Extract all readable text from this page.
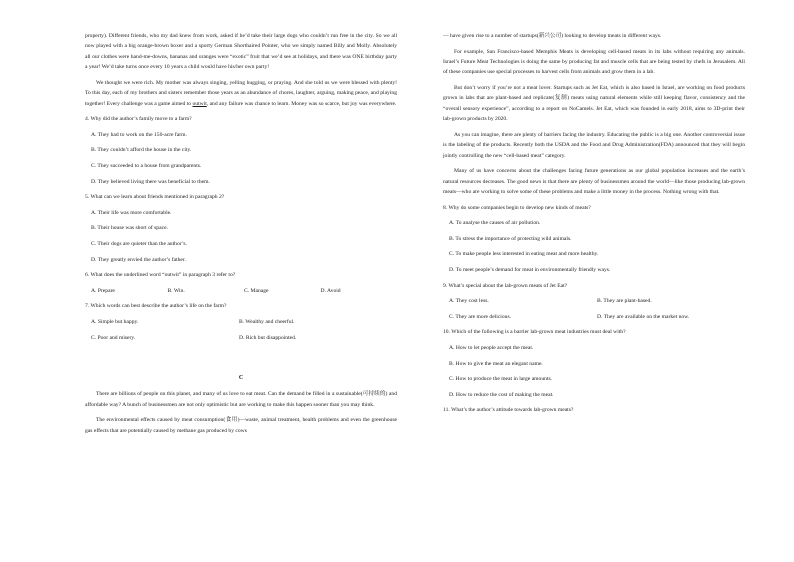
property). Different friends, who my dad knew from work, asked if he’d take their large dogs who couldn’t run free in the city. So we all now played with a big orange-brown boxer and a sporty German Shorthaired Pointer, who we simply named Billy and Molly. Absolutely all our clothes were hand-me-downs, bananas and oranges were “exotic” fruit that we’d see at holidays, and there was ONE birthday party a year! We’d take turns once every 10 years a child would have his/her own party!

We thought we were rich. My mother was always singing, yelling hugging, or praying. And she told us we were blessed with plenty! To this day, each of my brothers and sisters remember those years as an abundance of chores, laughter, arguing, making peace, and playing together! Every challenge was a game aimed to outwit, and any failure was chance to learn. Money was so scarce, but joy was everywhere.

4. Why did the author’s family move to a farm?
A. They had to work on the 150-acre farm.
B. They couldn’t afford the house in the city.
C. They succeeded to a house from grandparents.
D. They believed living there was beneficial to them.
5. What can we learn about friends mentioned in paragraph 2?
A. Their life was more comfortable.
B. Their house was short of space.
C. Their dogs are quieter than the author’s.
D. They greatly envied the author’s father.
6. What does the underlined word “outwit” in paragraph 3 refer to?
A. Prepare	B. Win.	C. Manage	D. Avoid
7. Which words can best describe the author’s life on the farm?
A. Simple but happy.	B. Wealthy and cheerful.
C. Poor and misery.	D. Rich but disappointed.
C

There are billions of people on this planet, and many of us love to eat meat. Can the demand be filled in a sustainable(可持续的) and affordable way? A bunch of businessmen are not only optimistic but are working to make this happen sooner than you may think.

The environmental effects caused by meat consumption(食用)—waste, animal treatment, health problems and even the greenhouse gas effects that are potentially caused by methane gas produced by cows

— have given rise to a number of startups(新兴公司) looking to develop meats in different ways.

For example, San Francisco-based Memphis Meats is developing cell-based meats in its labs without requiring any animals. Israel’s Future Meat Technologies is doing the same by producing fat and muscle cells that are being tested by chefs in Jerusalem. All of these companies use special processes to harvest cells from animals and grow them in a lab.

But don’t worry if you’re not a meat lover. Startups such as Jet Eat, which is also based in Israel, are working on food products grown in labs that are plant-based and replicate(复制) meats using natural elements while still keeping flavor, consistency and the “overall sensory experience”, according to a report on NoCamels. Jet Eat, which was founded in early 2018, aims to 3D-print their lab-grown products by 2020.

As you can imagine, there are plenty of barriers facing the industry. Educating the public is a big one. Another controversial issue is the labeling of the products. Recently both the USDA and the Food and Drug Administration(FDA) announced that they will begin jointly controlling the new “cell-based meat” category.

Many of us have concerns about the challenges facing future generations as our global population increases and the earth’s natural resources decreases. The good news is that there are plenty of businessmen around the world—like those producing lab-grown meats—who are working to solve some of these problems and make a little money in the process. Nothing wrong with that.

8. Why do some companies begin to develop new kinds of meats?
A. To analyse the causes of air pollution.
B. To stress the importance of protecting wild animals.
C. To make people less interested in eating meat and more healthy.
D. To meet people’s demand for meat in environmentally friendly ways.
9. What’s special about the lab-grown meats of Jet Eat?
A. They cost less.	B. They are plant-based.
C. They are more delicious.	D. They are available on the market now.
10. Which of the following is a barrier lab-grown meat industries must deal with?
A. How to let people accept the meat.
B. How to give the meat an elegant name.
C. How to produce the meat in large amounts.
D. How to reduce the cost of making the meat.
11. What’s the author’s attitude towards lab-grown meats?
